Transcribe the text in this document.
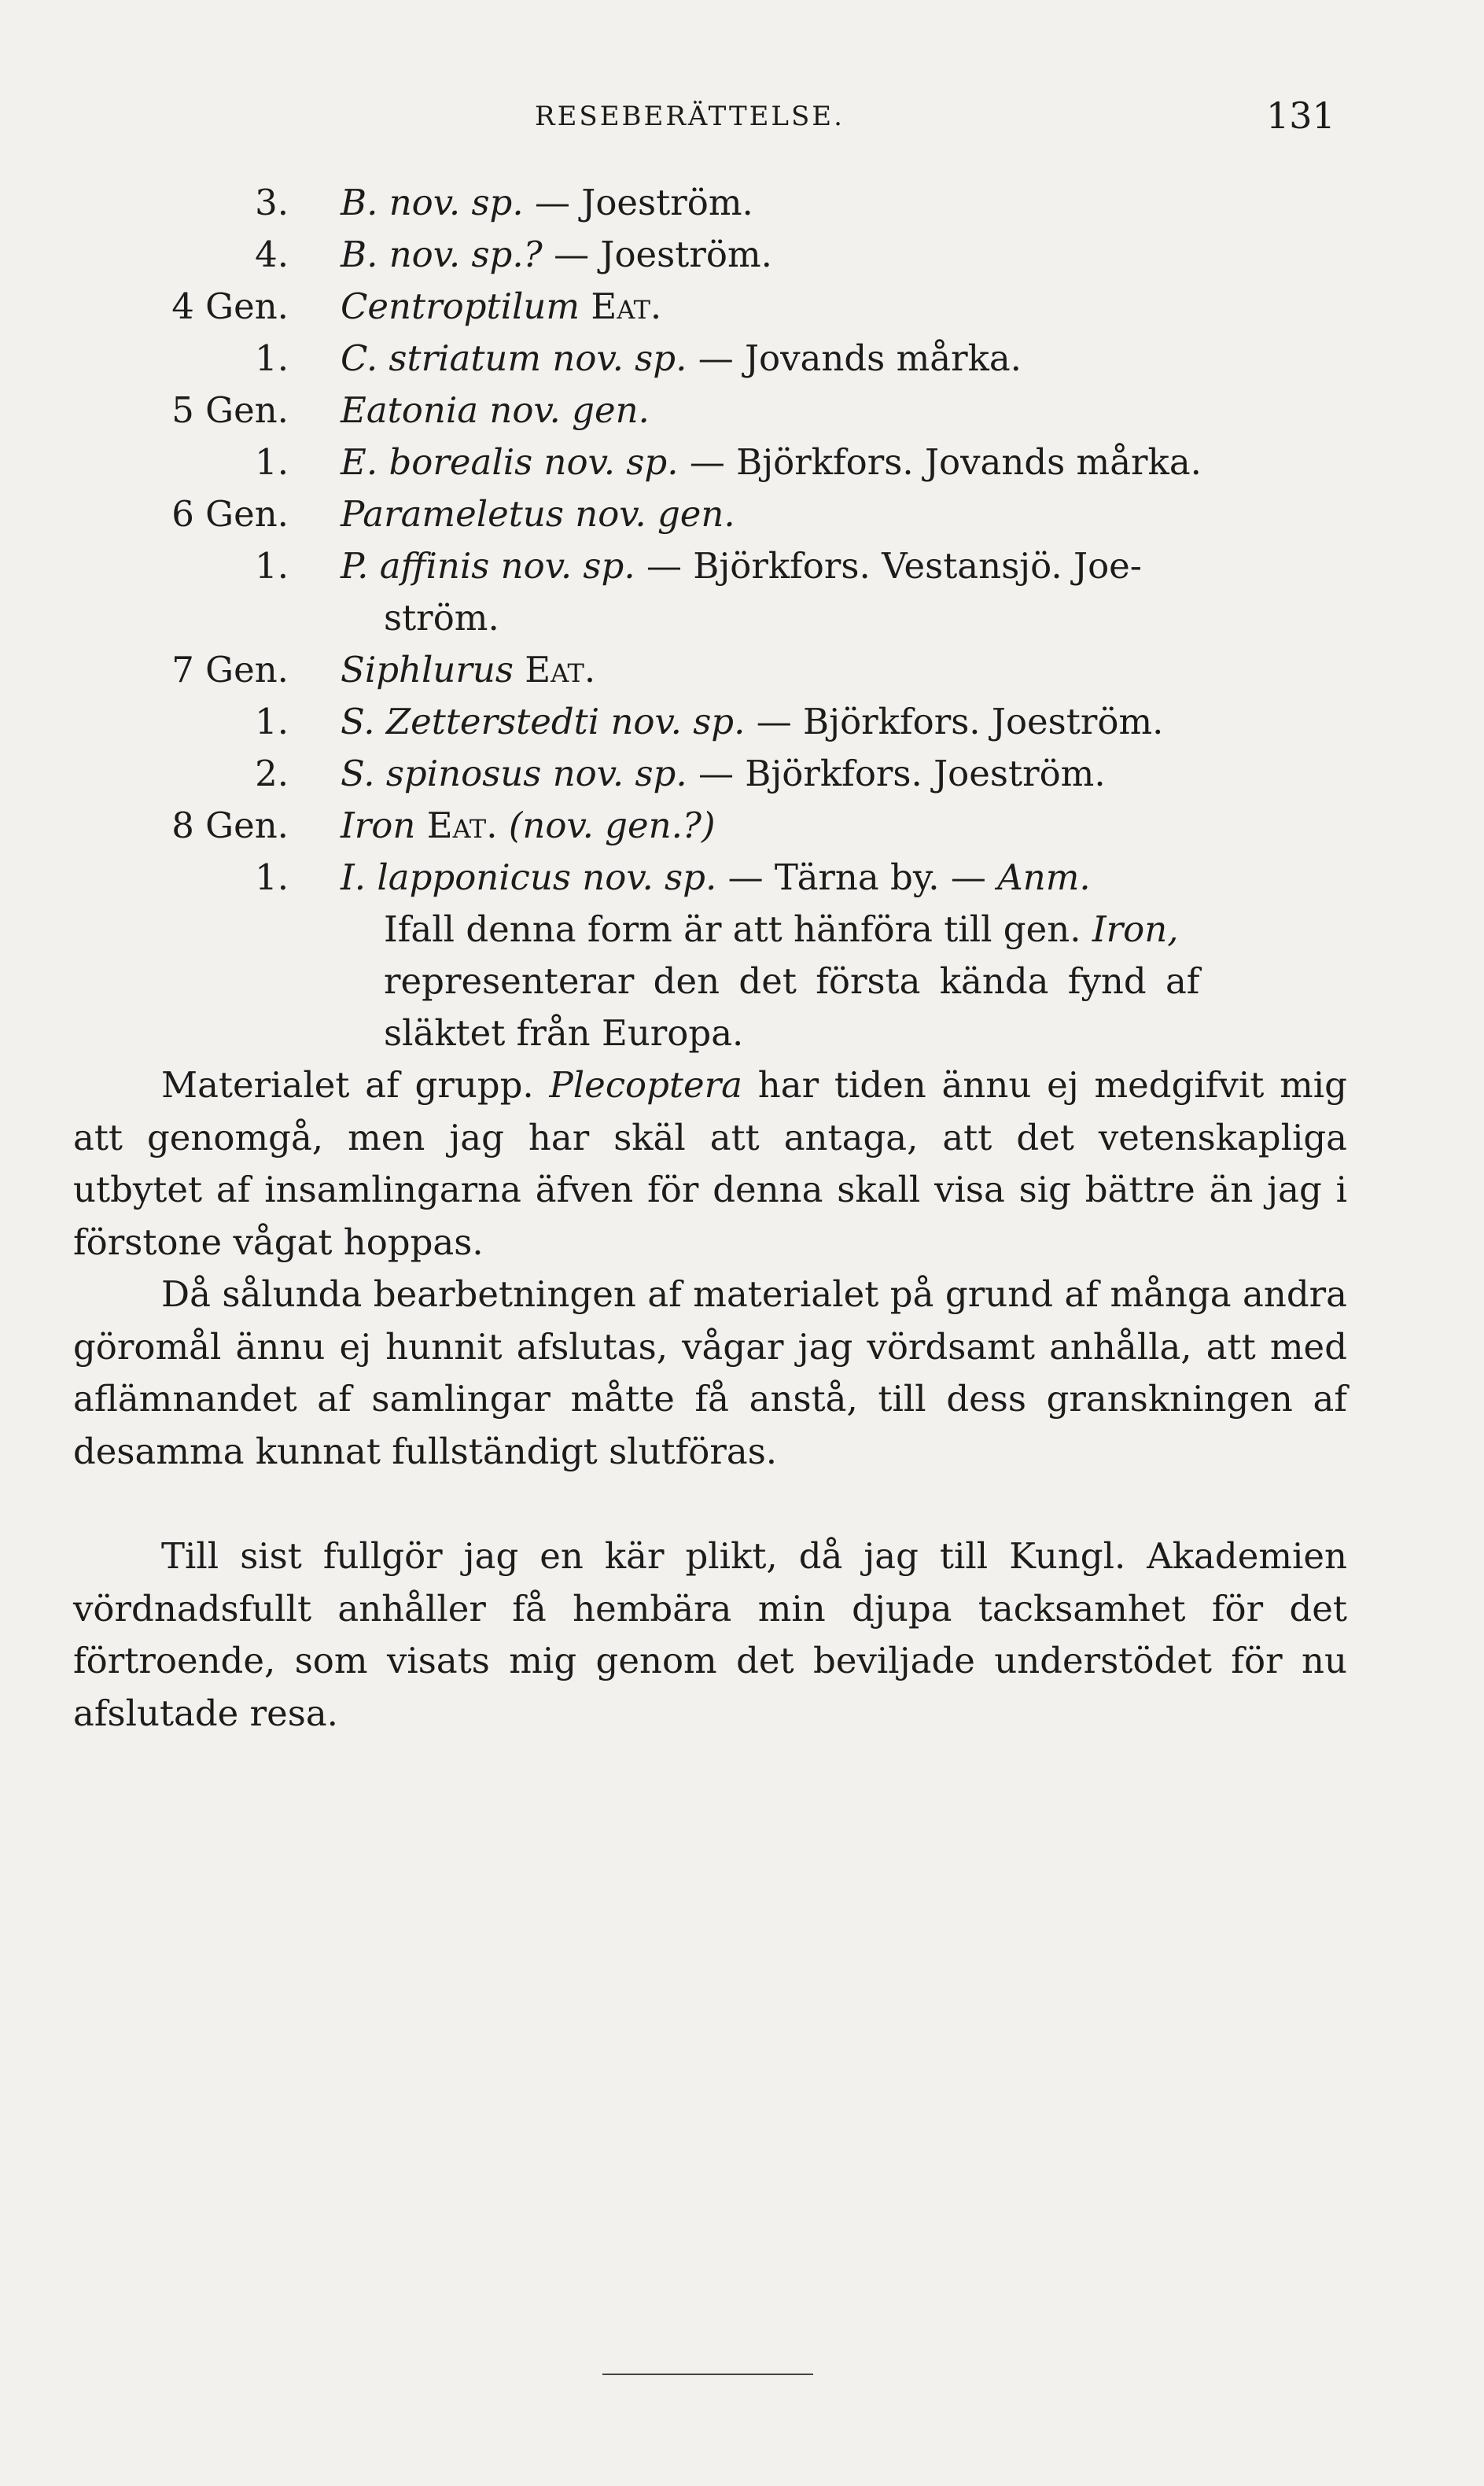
RESEBERÄTTELSE.	131
3. B. nov. sp. — Joeström.
4. B. nov. sp.? — Joeström.
4 Gen. Centroptilum Eat.
1. C. striatum nov. sp. — Jovands mårka.
5 Gen. Eatonia nov. gen.
1. E. borealis nov. sp. — Björkfors. Jovands mårka.
6 Gen. Parameletus nov. gen.
1. P. affinis nov. sp. — Björkfors. Vestansjö. Joe-
ström.
7 Gen. Siphlurus Eat.
1. S. Zetterstedti nov. sp. — Björkfors. Joeström.
2. S. spinosus nov. sp. — Björkfors. Joeström.
8 Gen. Iron Eat. (nov. gen.?)
1. I. lapponicus nov. sp. — Tärna by. — Anm.
Ifall denna form är att hänföra till gen. Iron,
representerar den det första kända fynd af
släktet från Europa.
Materialet af grupp. Plecoptera har tiden ännu ej medgifvit mig att genomgå, men jag har skäl att antaga, att det vetenskapliga utbytet af insamlingarna äfven för denna skall visa sig bättre än jag i förstone vågat hoppas.
Då sålunda bearbetningen af materialet på grund af många andra göromål ännu ej hunnit afslutas, vågar jag vördsamt anhålla, att med aflämnandet af samlingar måtte få anstå, till dess granskningen af desamma kunnat fullständigt slutföras.
Till sist fullgör jag en kär plikt, då jag till Kungl. Akademien vördnadsfullt anhåller få hembära min djupa tacksamhet för det förtroende, som visats mig genom det beviljade understödet för nu afslutade resa.
